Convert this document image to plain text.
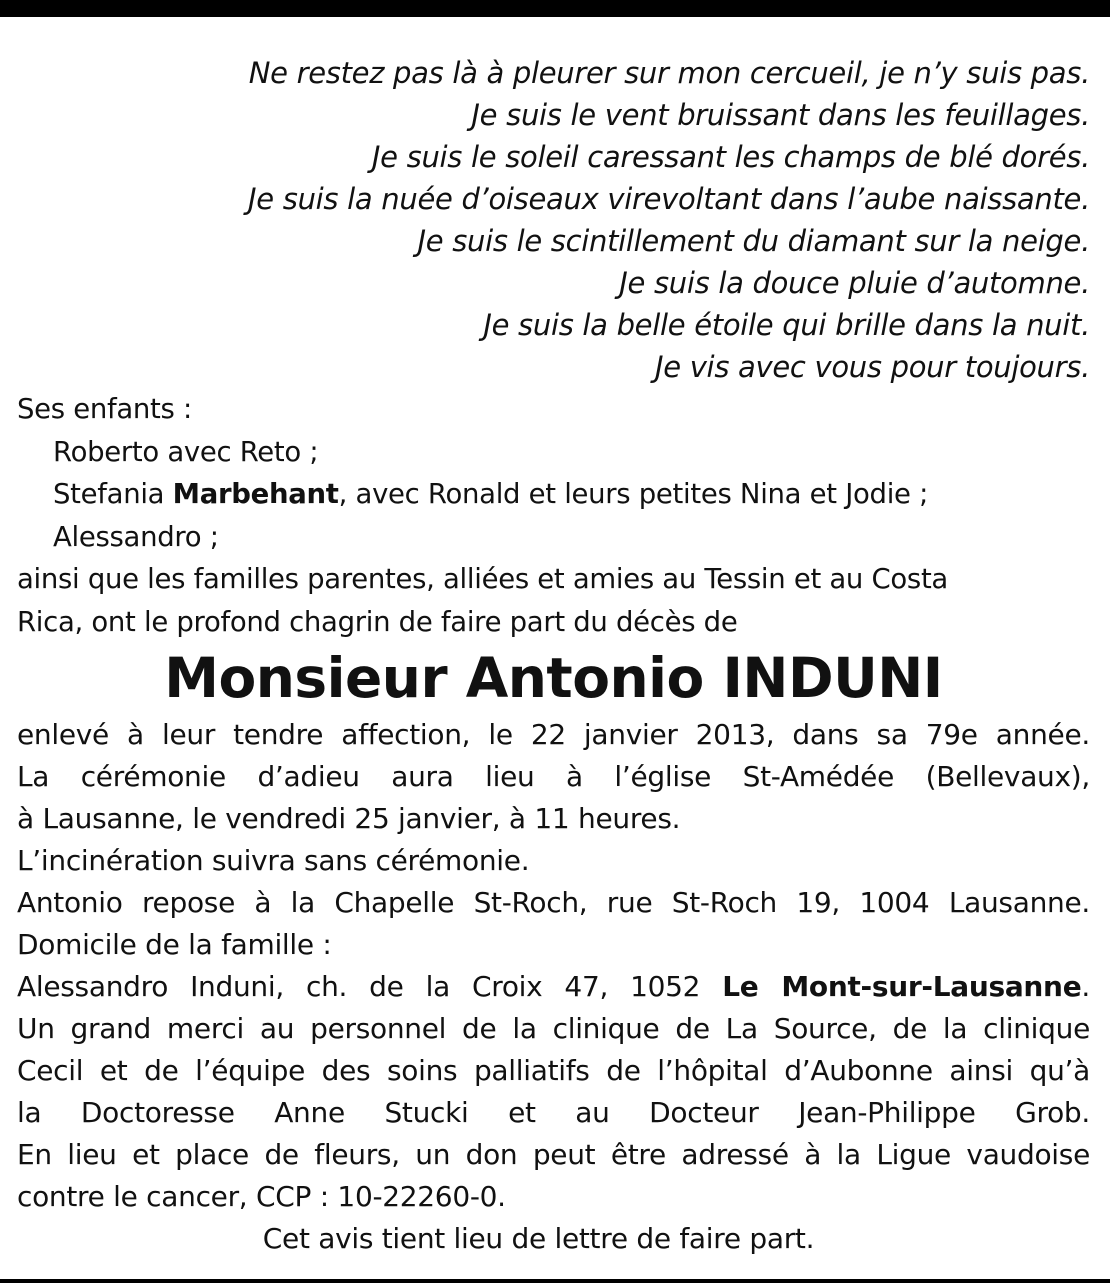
Ne restez pas là à pleurer sur mon cercueil, je n’y suis pas.
Je suis le vent bruissant dans les feuillages.
Je suis le soleil caressant les champs de blé dorés.
Je suis la nuée d’oiseaux virevoltant dans l’aube naissante.
Je suis le scintillement du diamant sur la neige.
Je suis la douce pluie d’automne.
Je suis la belle étoile qui brille dans la nuit.
Je vis avec vous pour toujours.
Ses enfants :
Roberto avec Reto ;
Stefania Marbehant, avec Ronald et leurs petites Nina et Jodie ;
Alessandro ;
ainsi que les familles parentes, alliées et amies au Tessin et au Costa
Rica, ont le profond chagrin de faire part du décès de
Monsieur Antonio INDUNI
enlevé à leur tendre affection, le 22 janvier 2013, dans sa 79e année.
La cérémonie d’adieu aura lieu à l’église St-Amédée (Bellevaux),
à Lausanne, le vendredi 25 janvier, à 11 heures.
L’incinération suivra sans cérémonie.
Antonio repose à la Chapelle St-Roch, rue St-Roch 19, 1004 Lausanne.
Domicile de la famille :
Alessandro Induni, ch. de la Croix 47, 1052 Le Mont-sur-Lausanne.
Un grand merci au personnel de la clinique de La Source, de la clinique
Cecil et de l’équipe des soins palliatifs de l’hôpital d’Aubonne ainsi qu’à
la Doctoresse Anne Stucki et au Docteur Jean-Philippe Grob.
En lieu et place de fleurs, un don peut être adressé à la Ligue vaudoise
contre le cancer, CCP : 10-22260-0.
Cet avis tient lieu de lettre de faire part.
